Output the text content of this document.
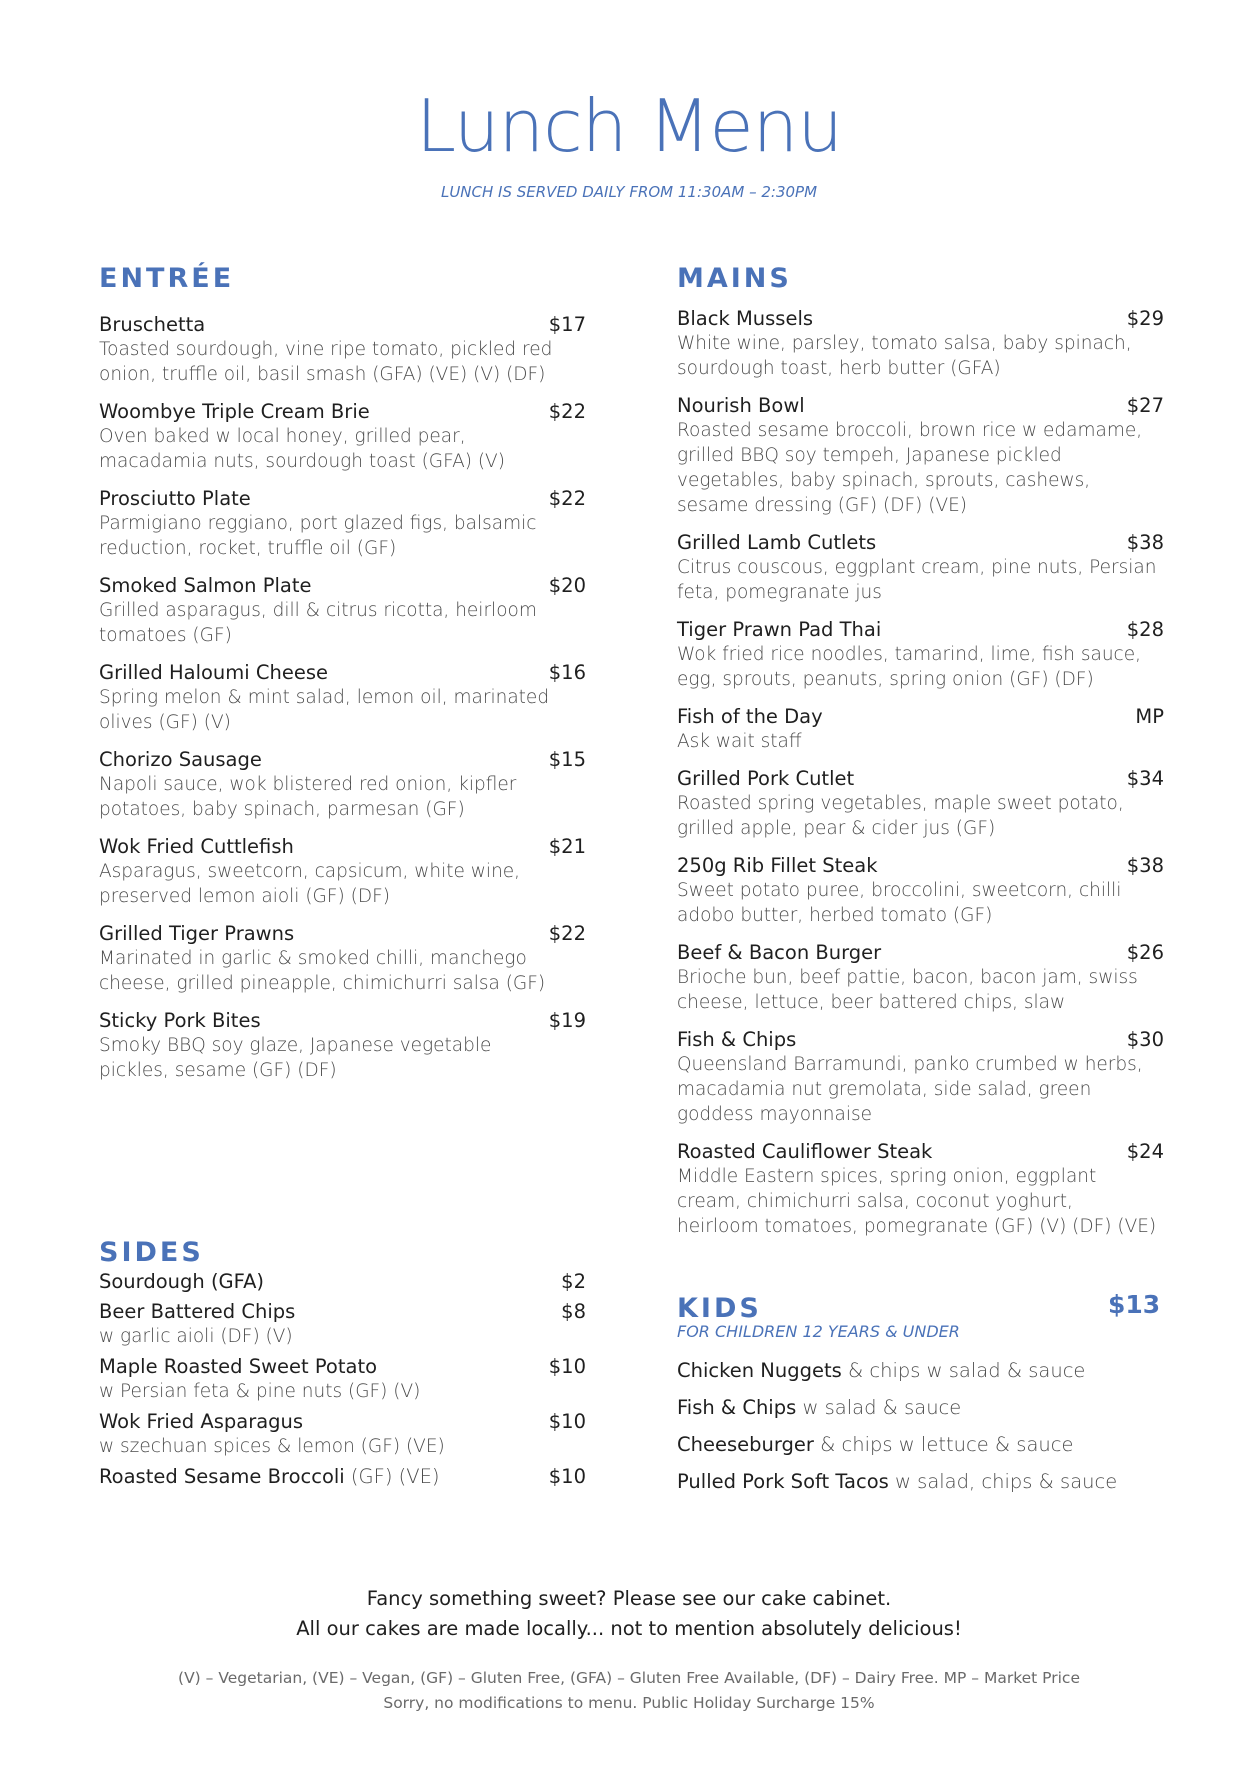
Lunch Menu
LUNCH IS SERVED DAILY FROM 11:30AM – 2:30PM
ENTRÉE
Bruschetta	$17
Toasted sourdough, vine ripe tomato, pickled red onion, truffle oil, basil smash (GFA) (VE) (V) (DF)
Woombye Triple Cream Brie	$22
Oven baked w local honey, grilled pear, macadamia nuts, sourdough toast (GFA) (V)
Prosciutto Plate	$22
Parmigiano reggiano, port glazed figs, balsamic reduction, rocket, truffle oil (GF)
Smoked Salmon Plate	$20
Grilled asparagus, dill & citrus ricotta, heirloom tomatoes (GF)
Grilled Haloumi Cheese	$16
Spring melon & mint salad, lemon oil, marinated olives (GF) (V)
Chorizo Sausage	$15
Napoli sauce, wok blistered red onion, kipfler potatoes, baby spinach, parmesan (GF)
Wok Fried Cuttlefish	$21
Asparagus, sweetcorn, capsicum, white wine, preserved lemon aioli (GF) (DF)
Grilled Tiger Prawns	$22
Marinated in garlic & smoked chilli, manchego cheese, grilled pineapple, chimichurri salsa (GF)
Sticky Pork Bites	$19
Smoky BBQ soy glaze, Japanese vegetable pickles, sesame (GF) (DF)
MAINS
Black Mussels	$29
White wine, parsley, tomato salsa, baby spinach, sourdough toast, herb butter (GFA)
Nourish Bowl	$27
Roasted sesame broccoli, brown rice w edamame, grilled BBQ soy tempeh, Japanese pickled vegetables, baby spinach, sprouts, cashews, sesame dressing (GF) (DF) (VE)
Grilled Lamb Cutlets	$38
Citrus couscous, eggplant cream, pine nuts, Persian feta, pomegranate jus
Tiger Prawn Pad Thai	$28
Wok fried rice noodles, tamarind, lime, fish sauce, egg, sprouts, peanuts, spring onion (GF) (DF)
Fish of the Day	MP
Ask wait staff
Grilled Pork Cutlet	$34
Roasted spring vegetables, maple sweet potato, grilled apple, pear & cider jus (GF)
250g Rib Fillet Steak	$38
Sweet potato puree, broccolini, sweetcorn, chilli adobo butter, herbed tomato (GF)
Beef & Bacon Burger	$26
Brioche bun, beef pattie, bacon, bacon jam, swiss cheese, lettuce, beer battered chips, slaw
Fish & Chips	$30
Queensland Barramundi, panko crumbed w herbs, macadamia nut gremolata, side salad, green goddess mayonnaise
Roasted Cauliflower Steak	$24
Middle Eastern spices, spring onion, eggplant cream, chimichurri salsa, coconut yoghurt, heirloom tomatoes, pomegranate (GF) (V) (DF) (VE)
SIDES
Sourdough (GFA)	$2
Beer Battered Chips	$8
w garlic aioli (DF) (V)
Maple Roasted Sweet Potato	$10
w Persian feta & pine nuts (GF) (V)
Wok Fried Asparagus	$10
w szechuan spices & lemon (GF) (VE)
Roasted Sesame Broccoli (GF) (VE)	$10
KIDS	$13
FOR CHILDREN 12 YEARS & UNDER
Chicken Nuggets & chips w salad & sauce
Fish & Chips w salad & sauce
Cheeseburger & chips w lettuce & sauce
Pulled Pork Soft Tacos w salad, chips & sauce
Fancy something sweet? Please see our cake cabinet.
All our cakes are made locally... not to mention absolutely delicious!
(V) – Vegetarian, (VE) – Vegan, (GF) – Gluten Free, (GFA) – Gluten Free Available, (DF) – Dairy Free. MP – Market Price
Sorry, no modifications to menu. Public Holiday Surcharge 15%
